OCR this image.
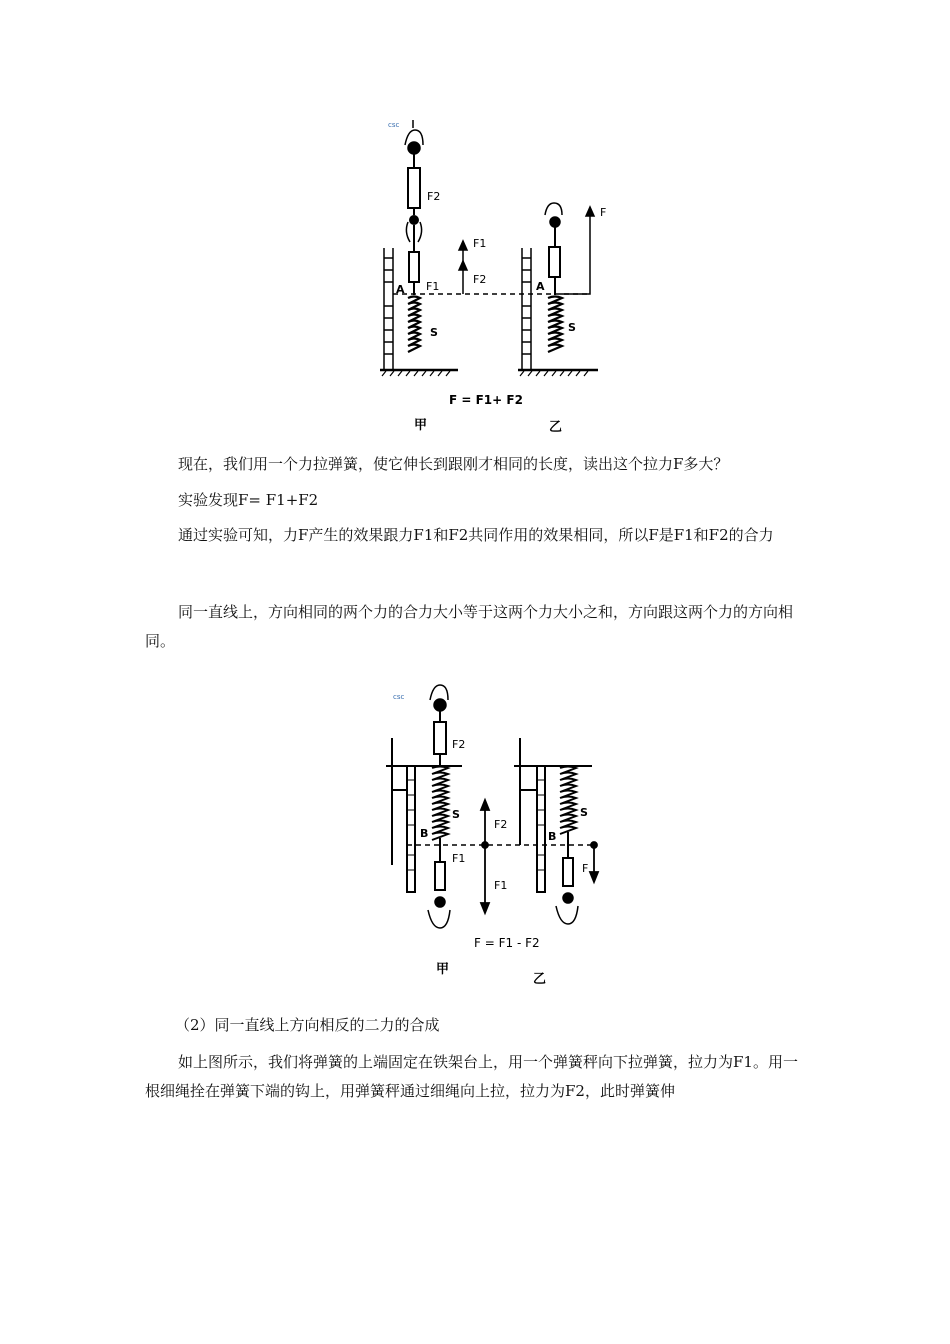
csc
F2
A F1
S
F1
F2
F
A
S
F = F1+ F2
甲	乙

现在，我们用一个力拉弹簧，使它伸长到跟刚才相同的长度，读出这个拉力F多大？

实验发现F= F1+F2

通过实验可知，力F产生的效果跟力F1和F2共同作用的效果相同，所以F是F1和F2的合力

同一直线上，方向相同的两个力的合力大小等于这两个力大小之和，方向跟这两个力的方向相同。

csc
F2
B
S
F1
F2
F1
B
S
F
F = F1 - F2
甲
乙

（2）同一直线上方向相反的二力的合成

如上图所示，我们将弹簧的上端固定在铁架台上，用一个弹簧秤向下拉弹簧，拉力为F1。用一根细绳拴在弹簧下端的钩上，用弹簧秤通过细绳向上拉，拉力为F2，此时弹簧伸
